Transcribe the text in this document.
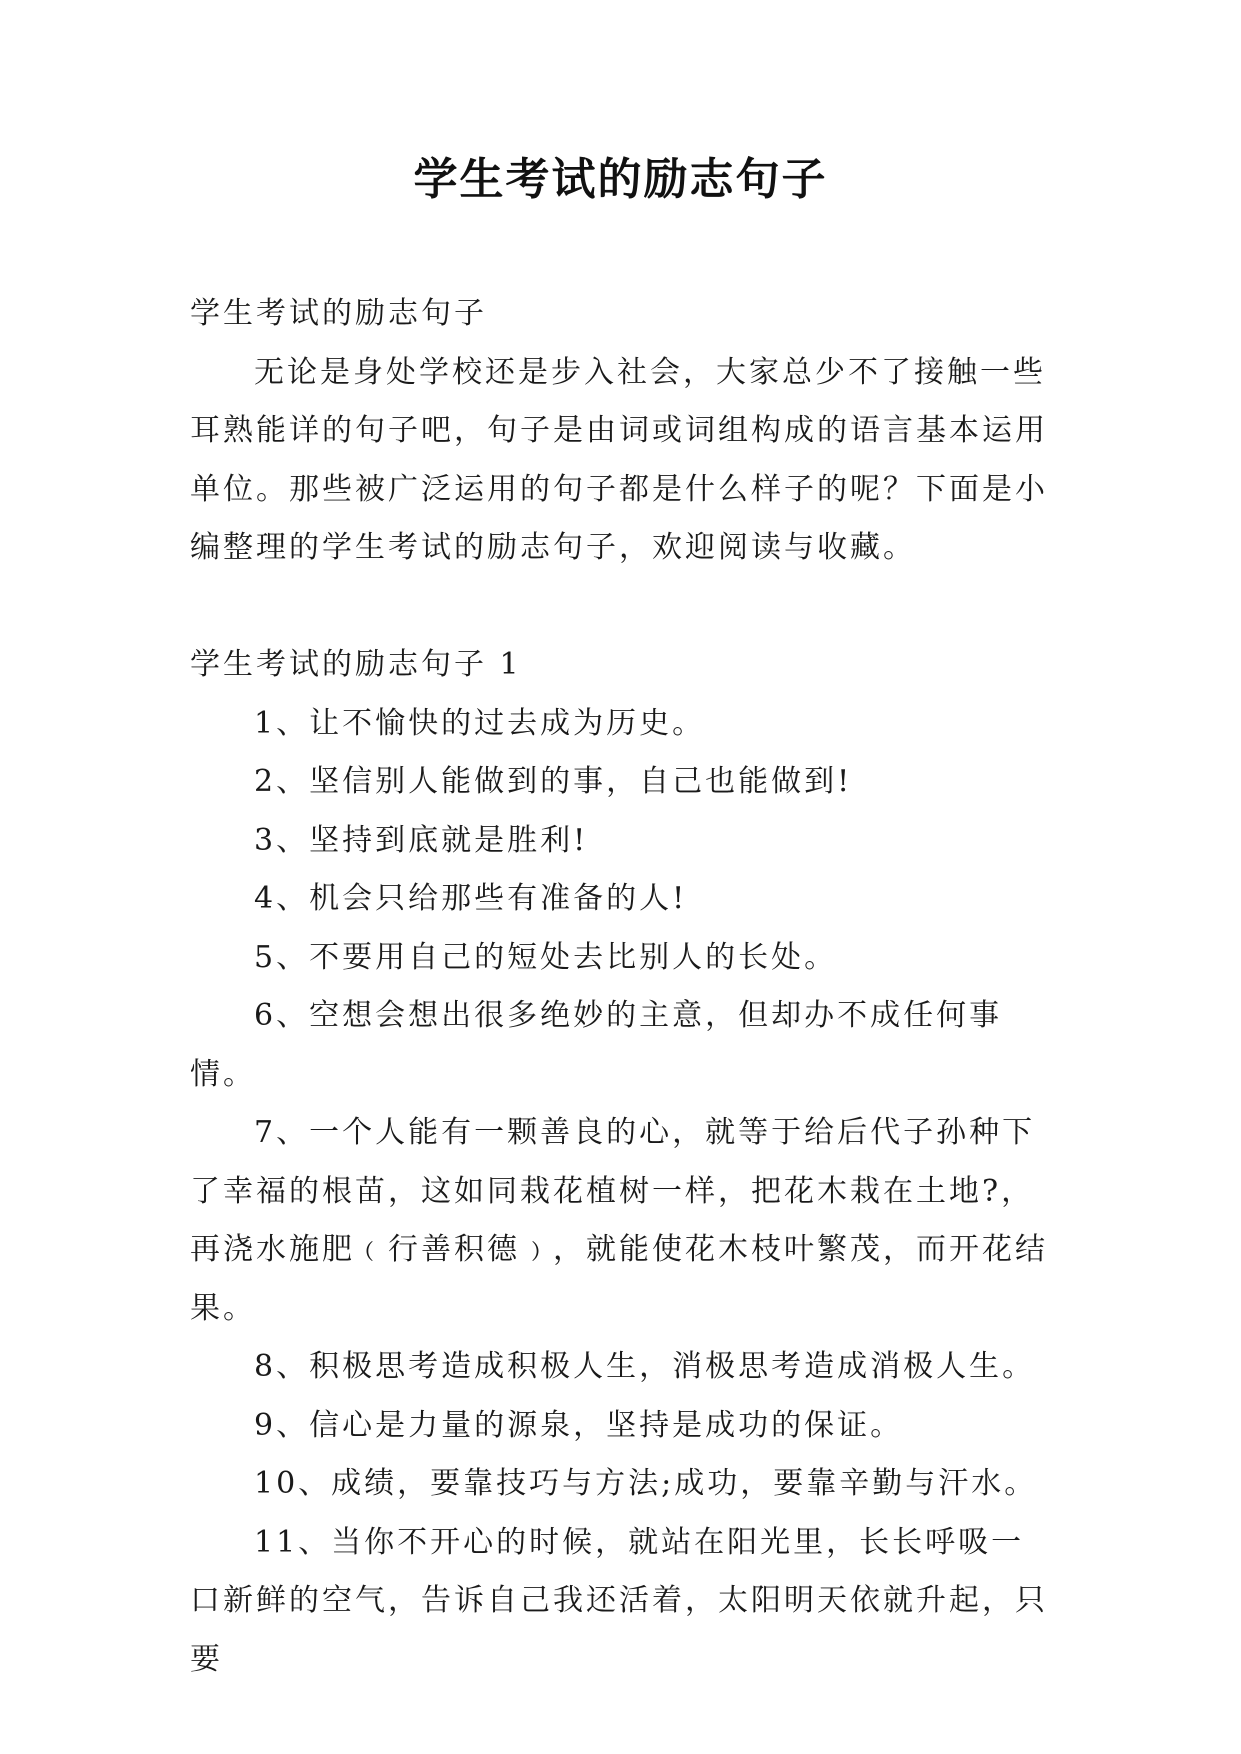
学生考试的励志句子

学生考试的励志句子

无论是身处学校还是步入社会，大家总少不了接触一些耳熟能详的句子吧，句子是由词或词组构成的语言基本运用单位。那些被广泛运用的句子都是什么样子的呢？下面是小编整理的学生考试的励志句子，欢迎阅读与收藏。

学生考试的励志句子 1

1、让不愉快的过去成为历史。

2、坚信别人能做到的事，自己也能做到!

3、坚持到底就是胜利!

4、机会只给那些有准备的人!

5、不要用自己的短处去比别人的长处。

6、空想会想出很多绝妙的主意，但却办不成任何事情。

7、一个人能有一颗善良的心，就等于给后代子孙种下了幸福的根苗，这如同栽花植树一样，把花木栽在土地?，再浇水施肥﹙行善积德﹚，就能使花木枝叶繁茂，而开花结果。

8、积极思考造成积极人生，消极思考造成消极人生。

9、信心是力量的源泉，坚持是成功的保证。

10、成绩，要靠技巧与方法;成功，要靠辛勤与汗水。

11、当你不开心的时候，就站在阳光里，长长呼吸一口新鲜的空气，告诉自己我还活着，太阳明天依就升起，只要
